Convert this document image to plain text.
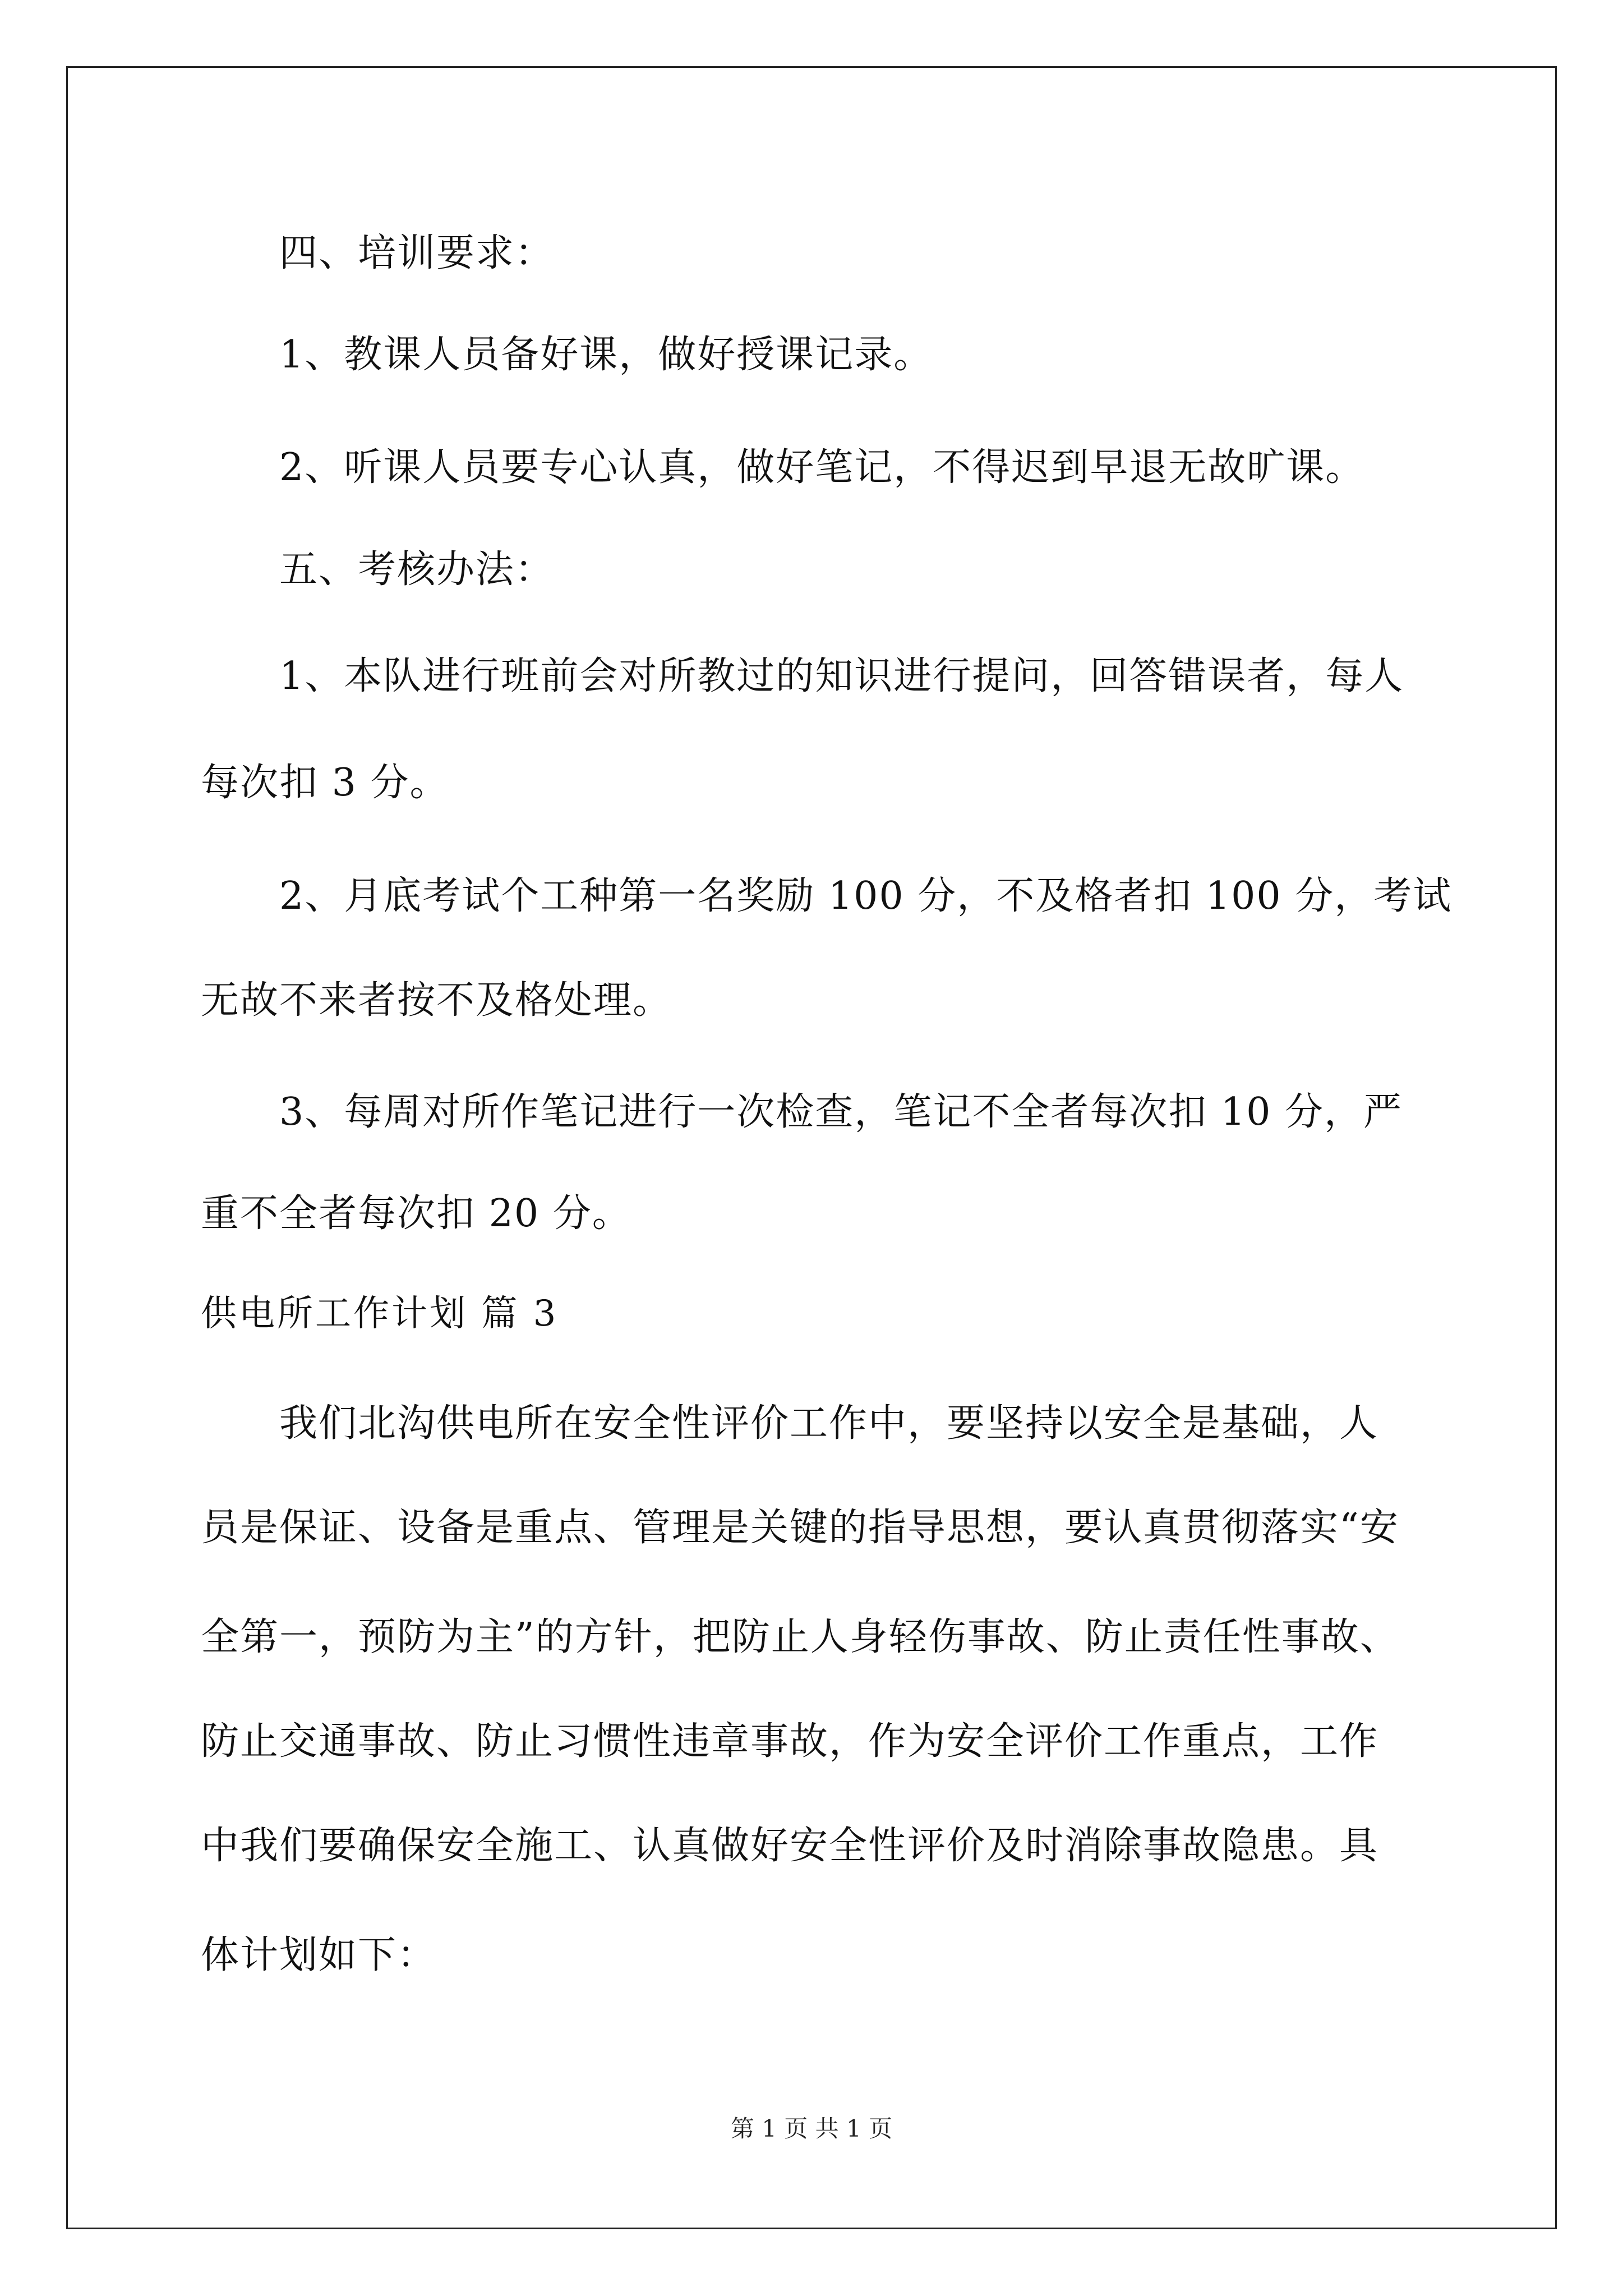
四、培训要求：
1、教课人员备好课，做好授课记录。
2、听课人员要专心认真，做好笔记，不得迟到早退无故旷课。
五、考核办法：
1、本队进行班前会对所教过的知识进行提问，回答错误者，每人
每次扣 3 分。
2、月底考试个工种第一名奖励 100 分，不及格者扣 100 分，考试
无故不来者按不及格处理。
3、每周对所作笔记进行一次检查，笔记不全者每次扣 10 分，严
重不全者每次扣 20 分。
供电所工作计划 篇 3
我们北沟供电所在安全性评价工作中，要坚持以安全是基础，人
员是保证、设备是重点、管理是关键的指导思想，要认真贯彻落实“安
全第一，预防为主”的方针，把防止人身轻伤事故、防止责任性事故、
防止交通事故、防止习惯性违章事故，作为安全评价工作重点，工作
中我们要确保安全施工、认真做好安全性评价及时消除事故隐患。具
体计划如下：
第 1 页 共 1 页
